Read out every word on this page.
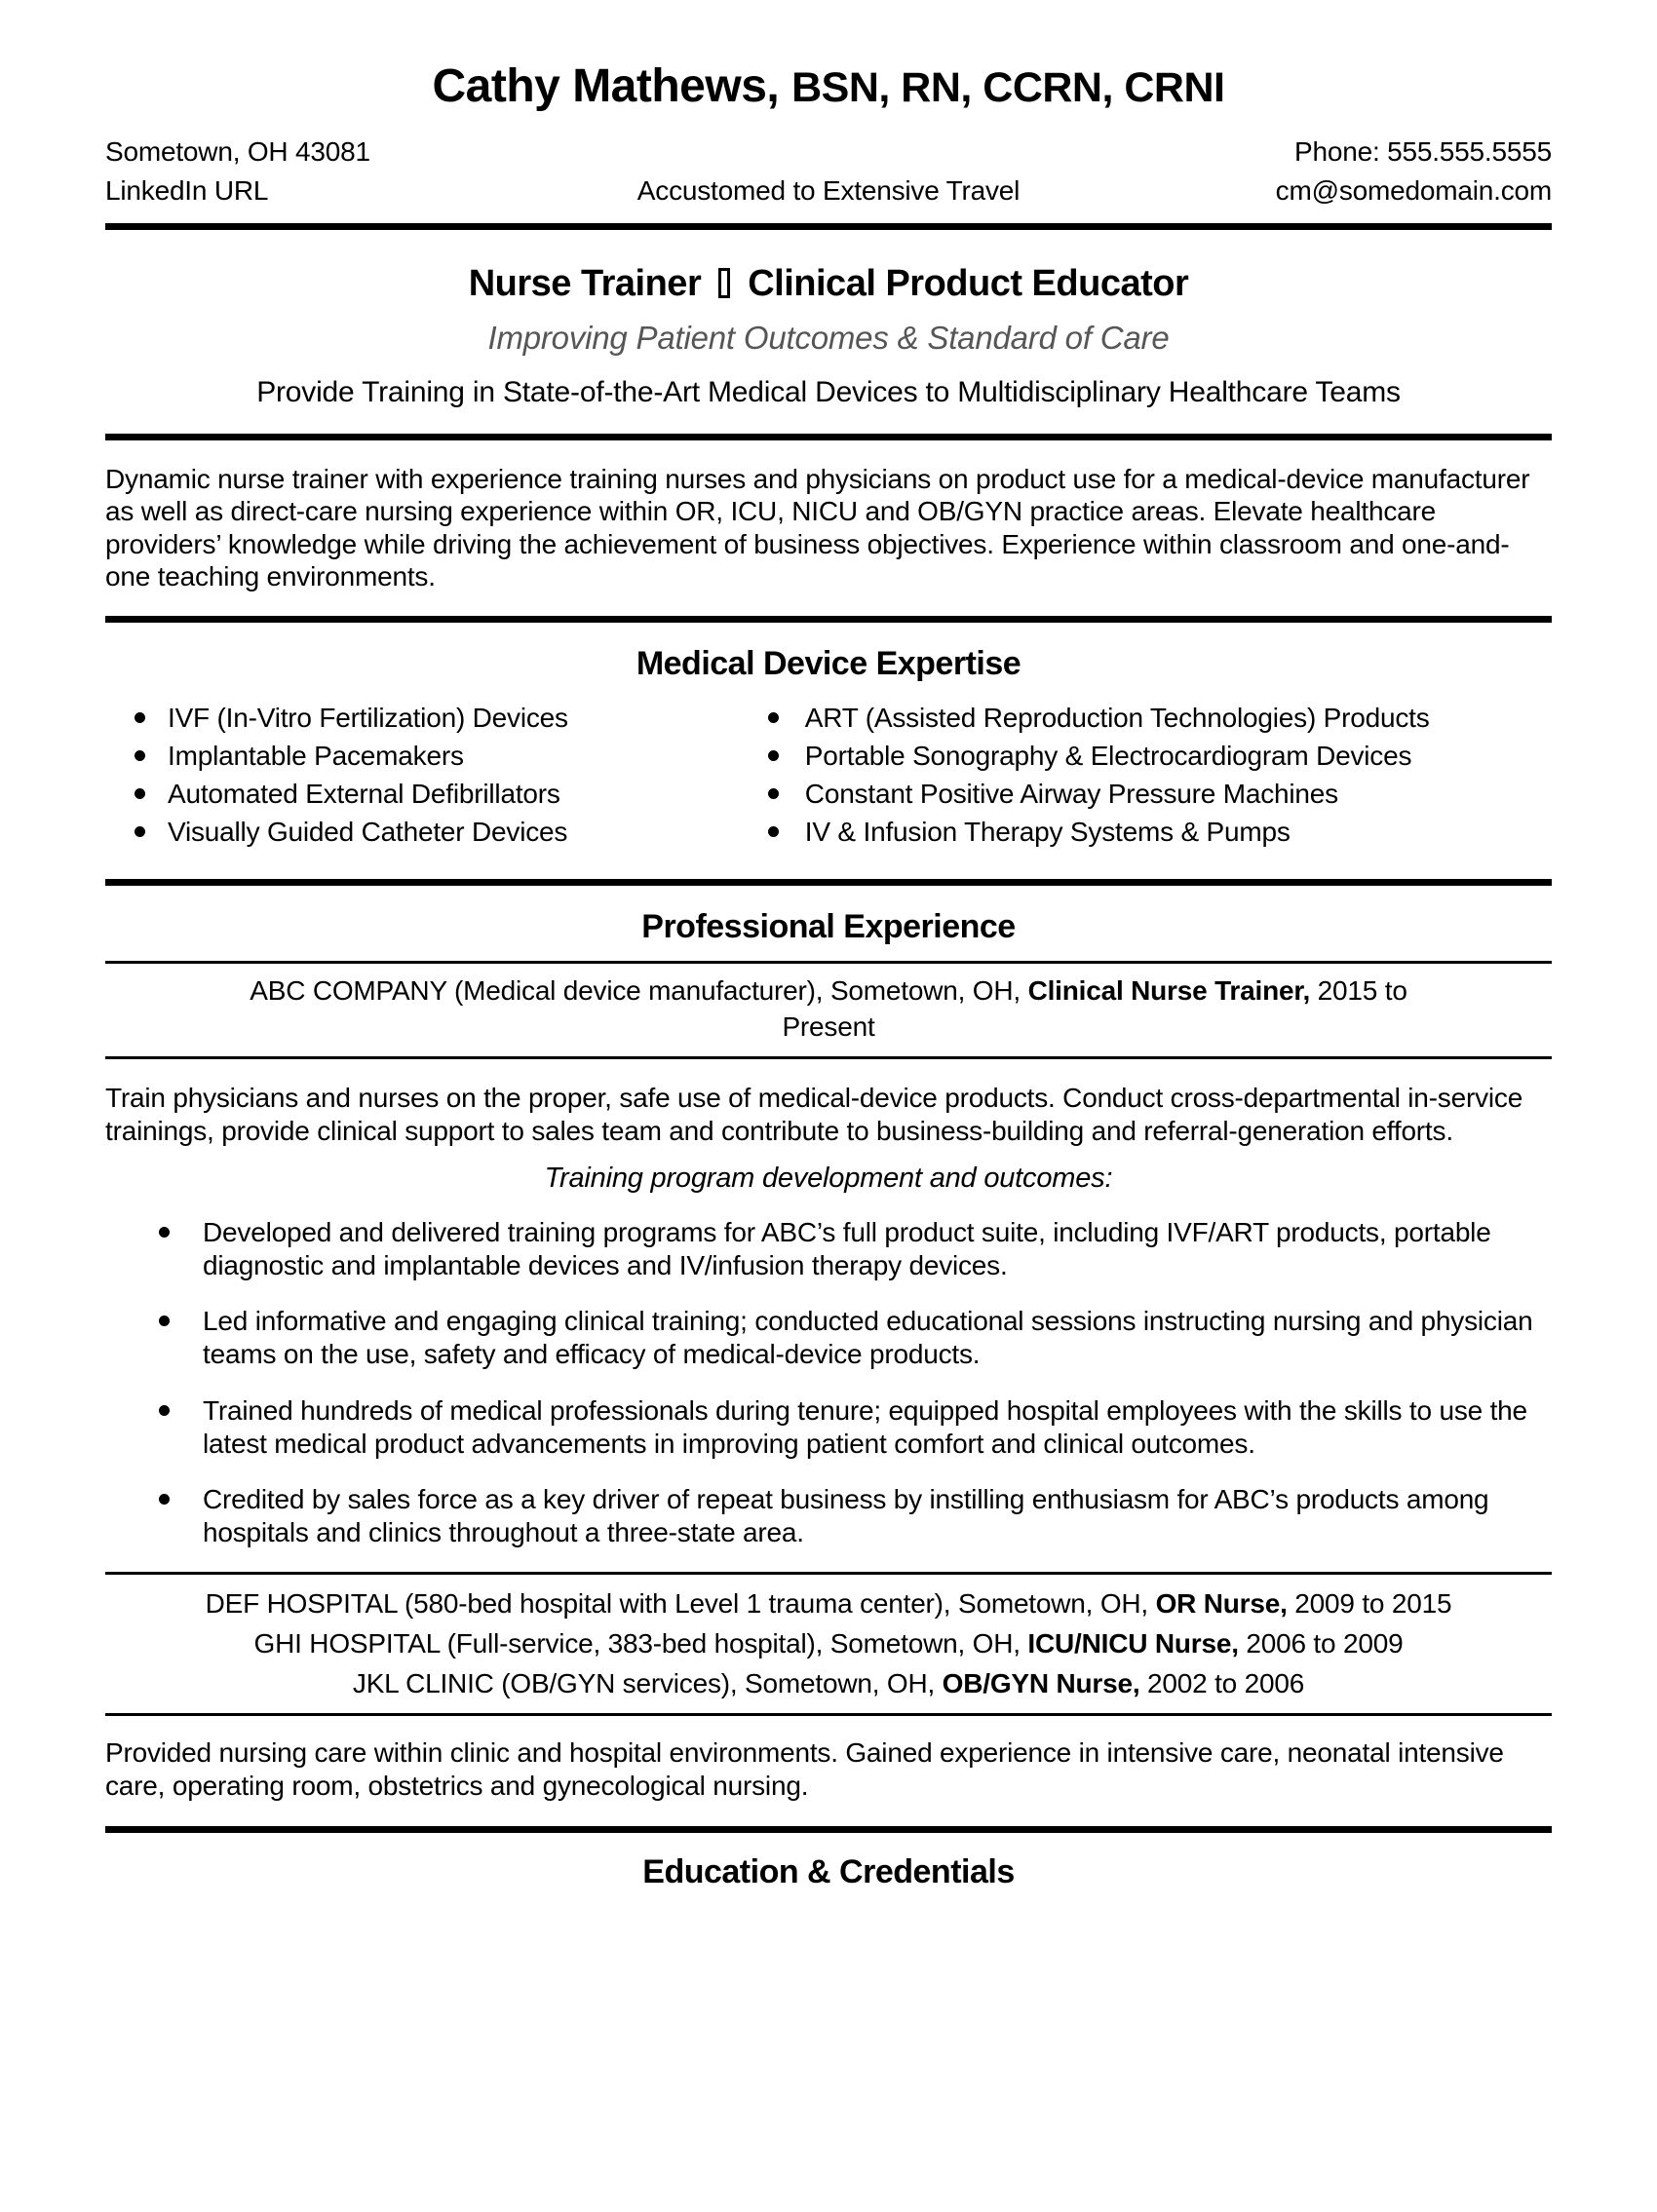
Cathy Mathews, BSN, RN, CCRN, CRNI
Sometown, OH 43081	Phone: 555.555.5555
LinkedIn URL	Accustomed to Extensive Travel	cm@somedomain.com
Nurse Trainer Clinical Product Educator

Improving Patient Outcomes & Standard of Care

Provide Training in State-of-the-Art Medical Devices to Multidisciplinary Healthcare Teams

Dynamic nurse trainer with experience training nurses and physicians on product use for a medical-device manufacturer as well as direct-care nursing experience within OR, ICU, NICU and OB/GYN practice areas. Elevate healthcare providers’ knowledge while driving the achievement of business objectives. Experience within classroom and one-and-one teaching environments.

Medical Device Expertise
IVF (In-Vitro Fertilization) Devices
Implantable Pacemakers
Automated External Defibrillators
Visually Guided Catheter Devices
ART (Assisted Reproduction Technologies) Products
Portable Sonography & Electrocardiogram Devices
Constant Positive Airway Pressure Machines
IV & Infusion Therapy Systems & Pumps
Professional Experience

ABC COMPANY (Medical device manufacturer), Sometown, OH, Clinical Nurse Trainer, 2015 to Present

Train physicians and nurses on the proper, safe use of medical-device products. Conduct cross-departmental in-service trainings, provide clinical support to sales team and contribute to business-building and referral-generation efforts.

Training program development and outcomes:

Developed and delivered training programs for ABC’s full product suite, including IVF/ART products, portable diagnostic and implantable devices and IV/infusion therapy devices.
Led informative and engaging clinical training; conducted educational sessions instructing nursing and physician teams on the use, safety and efficacy of medical-device products.
Trained hundreds of medical professionals during tenure; equipped hospital employees with the skills to use the latest medical product advancements in improving patient comfort and clinical outcomes.
Credited by sales force as a key driver of repeat business by instilling enthusiasm for ABC’s products among hospitals and clinics throughout a three-state area.

DEF HOSPITAL (580-bed hospital with Level 1 trauma center), Sometown, OH, OR Nurse, 2009 to 2015

GHI HOSPITAL (Full-service, 383-bed hospital), Sometown, OH, ICU/NICU Nurse, 2006 to 2009

JKL CLINIC (OB/GYN services), Sometown, OH, OB/GYN Nurse, 2002 to 2006

Provided nursing care within clinic and hospital environments. Gained experience in intensive care, neonatal intensive care, operating room, obstetrics and gynecological nursing.

Education & Credentials
